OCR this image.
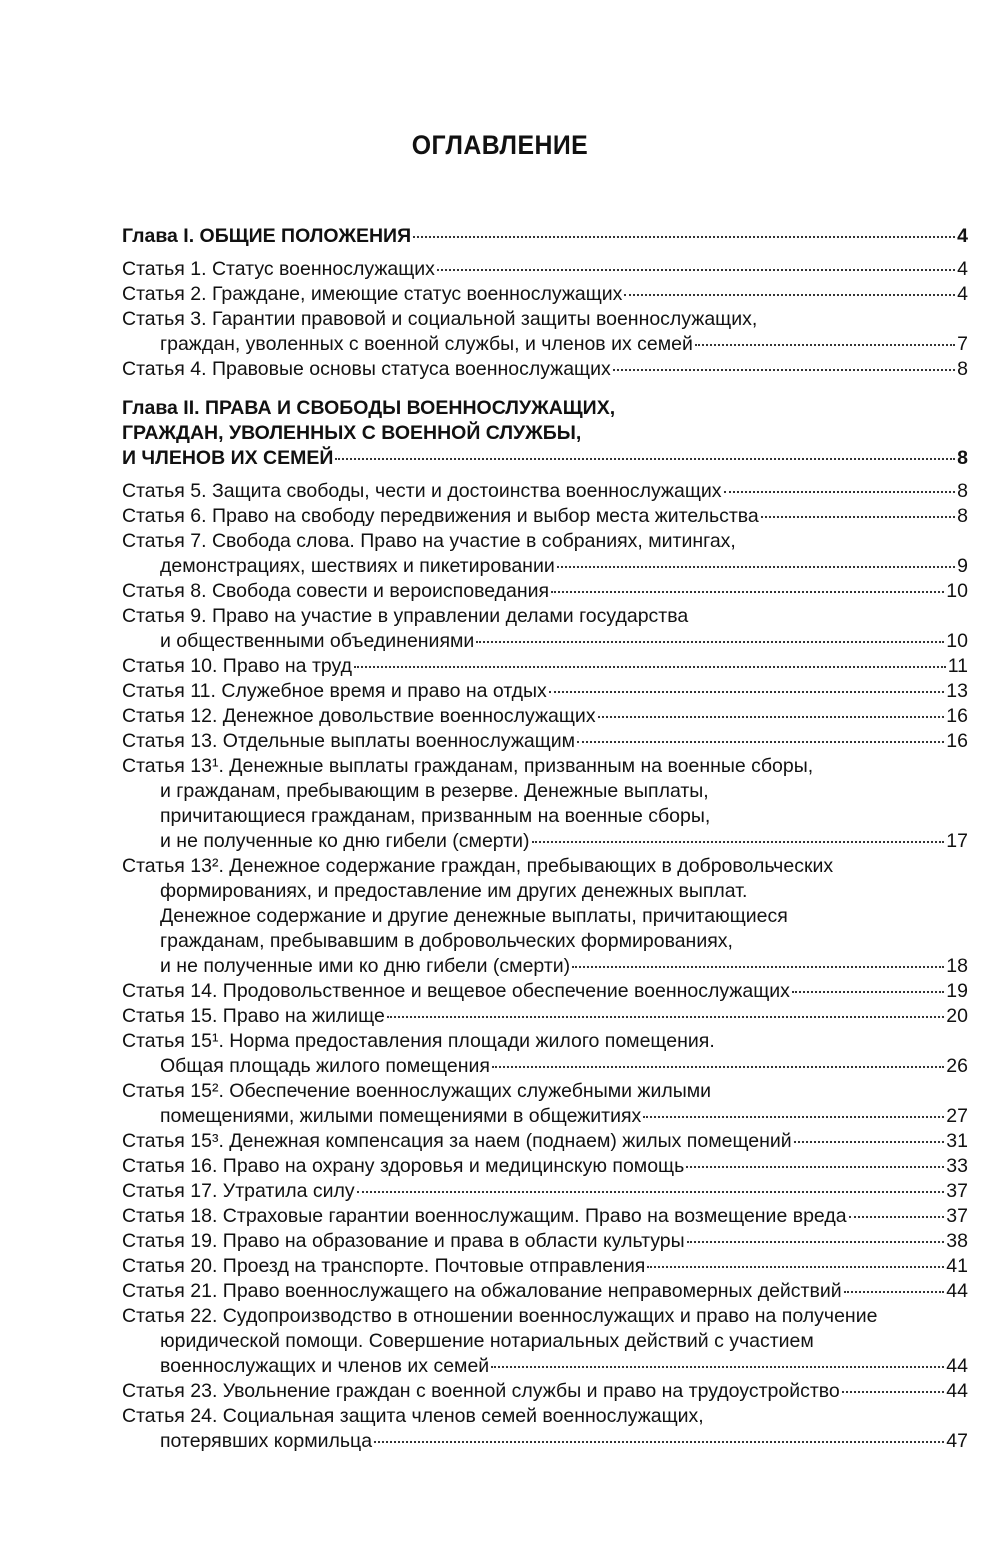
ОГЛАВЛЕНИЕ
Глава I. ОБЩИЕ ПОЛОЖЕНИЯ	4
Статья 1. Статус военнослужащих	4
Статья 2. Граждане, имеющие статус военнослужащих	4
Статья 3. Гарантии правовой и социальной защиты военнослужащих,
граждан, уволенных с военной службы, и членов их семей	7
Статья 4. Правовые основы статуса военнослужащих	8
Глава II. ПРАВА И СВОБОДЫ ВОЕННОСЛУЖАЩИХ,
ГРАЖДАН, УВОЛЕННЫХ С ВОЕННОЙ СЛУЖБЫ,
И ЧЛЕНОВ ИХ СЕМЕЙ	8
Статья 5. Защита свободы, чести и достоинства военнослужащих	8
Статья 6. Право на свободу передвижения и выбор места жительства	8
Статья 7. Свобода слова. Право на участие в собраниях, митингах,
демонстрациях, шествиях и пикетировании	9
Статья 8. Свобода совести и вероисповедания	10
Статья 9. Право на участие в управлении делами государства
и общественными объединениями	10
Статья 10. Право на труд	11
Статья 11. Служебное время и право на отдых	13
Статья 12. Денежное довольствие военнослужащих	16
Статья 13. Отдельные выплаты военнослужащим	16
Статья 13¹. Денежные выплаты гражданам, призванным на военные сборы,
и гражданам, пребывающим в резерве. Денежные выплаты,
причитающиеся гражданам, призванным на военные сборы,
и не полученные ко дню гибели (смерти)	17
Статья 13². Денежное содержание граждан, пребывающих в добровольческих
формированиях, и предоставление им других денежных выплат.
Денежное содержание и другие денежные выплаты, причитающиеся
гражданам, пребывавшим в добровольческих формированиях,
и не полученные ими ко дню гибели (смерти)	18
Статья 14. Продовольственное и вещевое обеспечение военнослужащих	19
Статья 15. Право на жилище	20
Статья 15¹. Норма предоставления площади жилого помещения.
Общая площадь жилого помещения	26
Статья 15². Обеспечение военнослужащих служебными жилыми
помещениями, жилыми помещениями в общежитиях	27
Статья 15³. Денежная компенсация за наем (поднаем) жилых помещений	31
Статья 16. Право на охрану здоровья и медицинскую помощь	33
Статья 17. Утратила силу	37
Статья 18. Страховые гарантии военнослужащим. Право на возмещение вреда	37
Статья 19. Право на образование и права в области культуры	38
Статья 20. Проезд на транспорте. Почтовые отправления	41
Статья 21. Право военнослужащего на обжалование неправомерных действий	44
Статья 22. Судопроизводство в отношении военнослужащих и право на получение
юридической помощи. Совершение нотариальных действий с участием
военнослужащих и членов их семей	44
Статья 23. Увольнение граждан с военной службы и право на трудоустройство	44
Статья 24. Социальная защита членов семей военнослужащих,
потерявших кормильца	47
